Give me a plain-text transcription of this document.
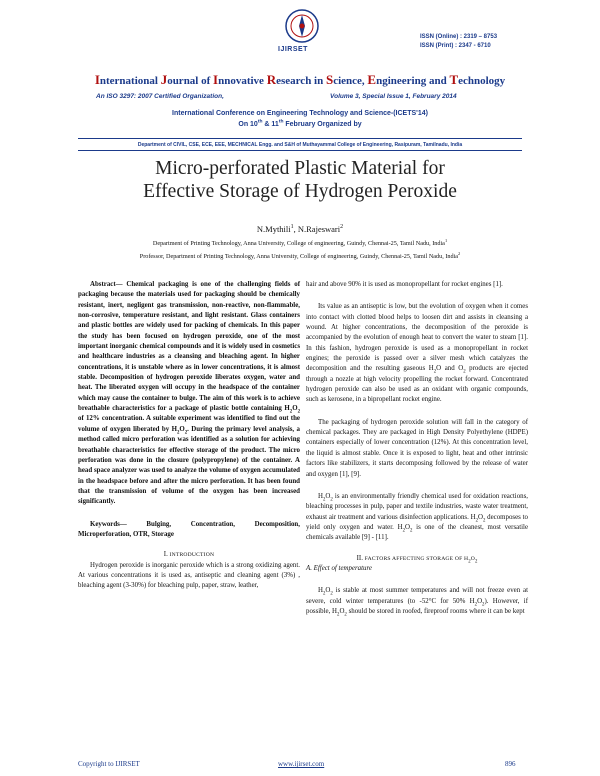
IJIRSET
ISSN (Online) : 2319 – 8753
ISSN (Print) : 2347 - 6710
International Journal of Innovative Research in Science, Engineering and Technology
An ISO 3297: 2007 Certified Organization,	Volume 3, Special Issue 1, February 2014
International Conference on Engineering Technology and Science-(ICETS'14)
On 10th & 11th February Organized by
Department of CIVIL, CSE, ECE, EEE, MECHNICAL Engg. and S&H of Muthayammal College of Engineering, Rasipuram, Tamilnadu, India
Micro-perforated Plastic Material for
Effective Storage of Hydrogen Peroxide
N.Mythili$^1$, N.Rajeswari$^2$
Department of Printing Technology, Anna University, College of engineering, Guindy, Chennai-25, Tamil Nadu, India$^1$
Professor, Department of Printing Technology, Anna University, College of engineering, Guindy, Chennai-25, Tamil Nadu, India$^2$

Abstract— Chemical packaging is one of the challenging fields of packaging because the materials used for packaging should be chemically resistant, inert, negligent gas transmission, non-reactive, non-flammable, non-corrosive, temperature resistant, and light resistant. Glass containers and plastic bottles are widely used for packing of chemicals. In this paper the study has been focused on hydrogen peroxide, one of the most important inorganic chemical compounds and it is widely used in cosmetics and healthcare industries as a cleansing and bleaching agent. In higher concentrations, it is unstable where as in lower concentrations, it is almost stable. Decomposition of hydrogen peroxide liberates oxygen, water and heat. The liberated oxygen will occupy in the headspace of the container which may cause the container to bulge. The aim of this work is to achieve breathable characteristics for a package of plastic bottle containing $H_2O_2$ of 12% concentration. A suitable experiment was identified to find out the volume of oxygen liberated by $H_2O_2$. During the primary level analysis, a method called micro perforation was identified as a solution for achieving breathable characteristics for effective storage of the product. The micro perforation was done in the closure (polypropylene) of the container. A head space analyzer was used to analyze the volume of oxygen accumulated in the headspace before and after the micro perforation. It has been found that the transmission of volume of the oxygen has been increased significantly.

Keywords— Bulging, Concentration, Decomposition, Microperforation, OTR, Storage

I. INTRODUCTION

Hydrogen peroxide is inorganic peroxide which is a strong oxidizing agent. At various concentrations it is used as, antiseptic and cleaning agent (3%) , bleaching agent (3-30%) for bleaching pulp, paper, straw, leather,

hair and above 90% it is used as monopropellant for rocket engines [1].

Its value as an antiseptic is low, but the evolution of oxygen when it comes into contact with clotted blood helps to loosen dirt and assists in cleansing a wound. At higher concentrations, the decomposition of the peroxide is accompanied by the evolution of enough heat to convert the water to steam [1]. In this fashion, hydrogen peroxide is used as a monopropellant in rocket engines; the peroxide is passed over a silver mesh which catalyzes the decomposition and the resulting gaseous $H_2O$ and $O_2$ products are ejected through a nozzle at high velocity propelling the rocket forward. Concentrated hydrogen peroxide can also be used as an oxidant with organic compounds, such as kerosene, in a bipropellant rocket engine.

The packaging of hydrogen peroxide solution will fall in the category of chemical packages. They are packaged in High Density Polyethylene (HDPE) containers especially of lower concentration (12%). At this concentration level, the liquid is almost stable. Once it is exposed to light, heat and other intrinsic factors like stabilizers, it starts decomposing followed by the release of water and oxygen [1], [9].

$H_2O_2$ is an environmentally friendly chemical used for oxidation reactions, bleaching processes in pulp, paper and textile industries, waste water treatment, exhaust air treatment and various disinfection applications. $H_2O_2$ decomposes to yield only oxygen and water. $H_2O_2$ is one of the cleanest, most versatile chemicals available [9] - [11].

II. FACTORS AFFECTING STORAGE OF $H_2O_2$

A. Effect of temperature

$H_2O_2$ is stable at most summer temperatures and will not freeze even at severe, cold winter temperatures (to -52°C for 50% $H_2O_2$). However, if possible, $H_2O_2$ should be stored in roofed, fireproof rooms where it can be kept

Copyright to IJIRSET	www.ijirset.com	896
